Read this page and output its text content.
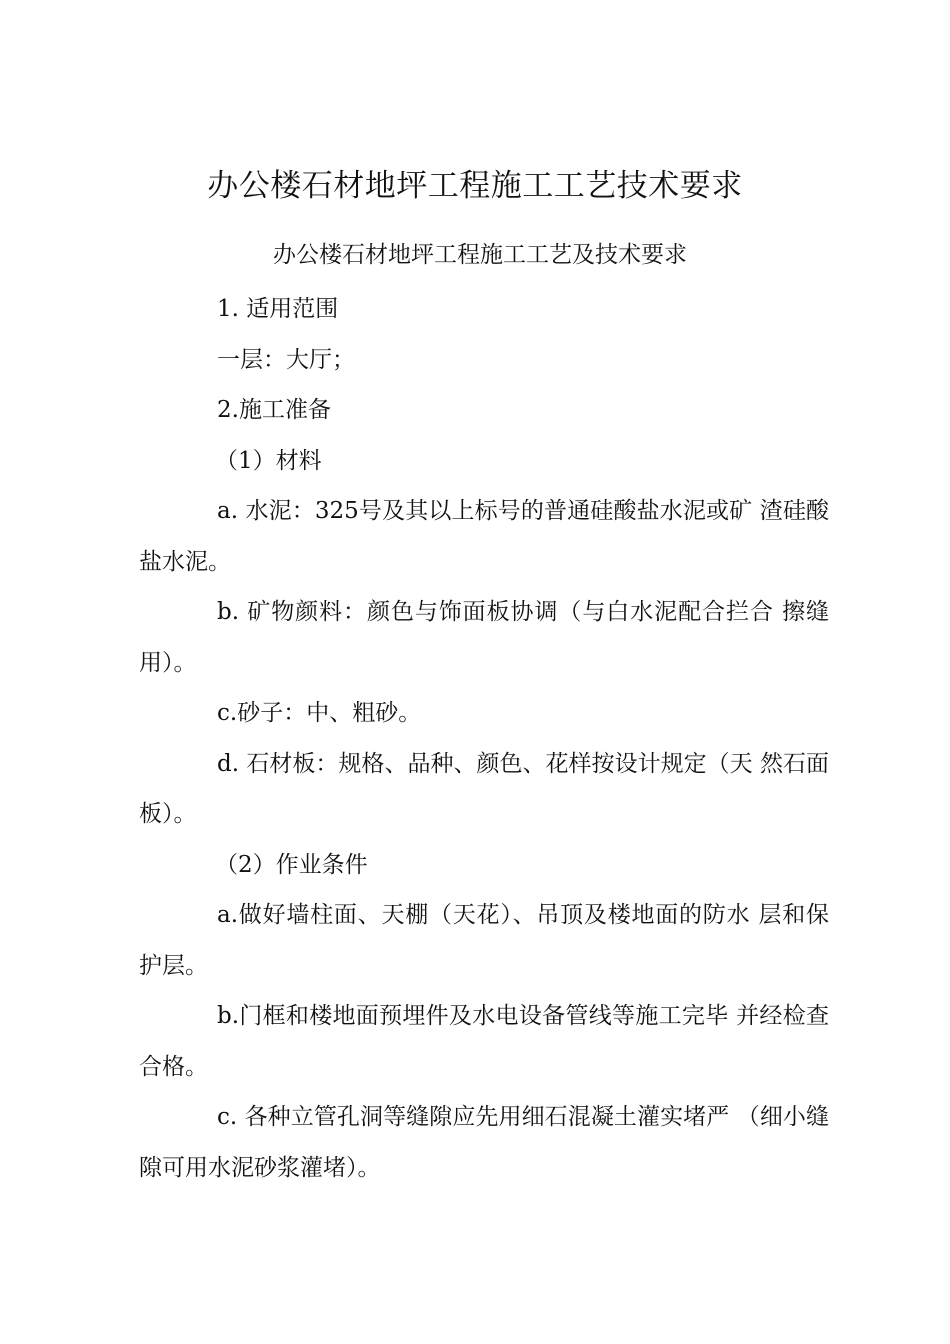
办公楼石材地坪工程施工工艺技术要求
办公楼石材地坪工程施工工艺及技术要求

1. 适用范围

一层：大厅；

2.施工准备

（1）材料

a. 水泥：325号及其以上标号的普通硅酸盐水泥或矿 渣硅酸盐水泥。

b. 矿物颜料：颜色与饰面板协调（与白水泥配合拦合 擦缝用）。

c.砂子：中、粗砂。

d. 石材板：规格、品种、颜色、花样按设计规定（天 然石面板）。

（2）作业条件

a.做好墙柱面、天棚（天花）、吊顶及楼地面的防水 层和保护层。

b.门框和楼地面预埋件及水电设备管线等施工完毕 并经检查合格。

c. 各种立管孔洞等缝隙应先用细石混凝土灌实堵严 （细小缝隙可用水泥砂浆灌堵）。
